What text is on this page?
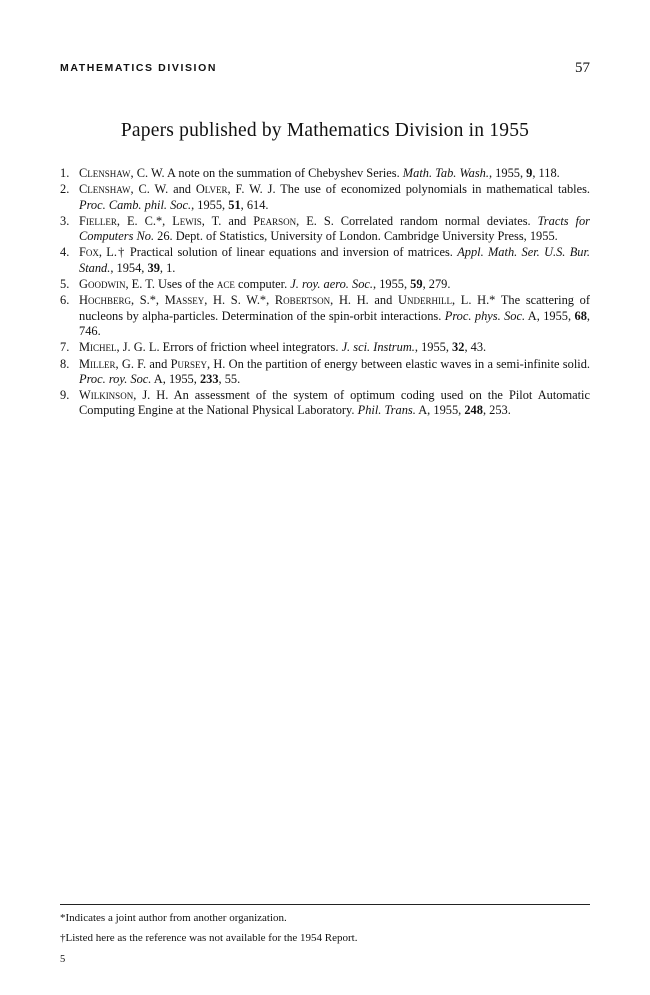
MATHEMATICS DIVISION	57
Papers published by Mathematics Division in 1955
1. Clenshaw, C. W. A note on the summation of Chebyshev Series. Math. Tab. Wash., 1955, 9, 118.
2. Clenshaw, C. W. and Olver, F. W. J. The use of economized polynomials in mathematical tables. Proc. Camb. phil. Soc., 1955, 51, 614.
3. Fieller, E. C.*, Lewis, T. and Pearson, E. S. Correlated random normal deviates. Tracts for Computers No. 26. Dept. of Statistics, University of London. Cambridge University Press, 1955.
4. Fox, L.† Practical solution of linear equations and inversion of matrices. Appl. Math. Ser. U.S. Bur. Stand., 1954, 39, 1.
5. Goodwin, E. T. Uses of the ace computer. J. roy. aero. Soc., 1955, 59, 279.
6. Hochberg, S.*, Massey, H. S. W.*, Robertson, H. H. and Underhill, L. H.* The scattering of nucleons by alpha-particles. Determination of the spin-orbit interactions. Proc. phys. Soc. A, 1955, 68, 746.
7. Michel, J. G. L. Errors of friction wheel integrators. J. sci. Instrum., 1955, 32, 43.
8. Miller, G. F. and Pursey, H. On the partition of energy between elastic waves in a semi-infinite solid. Proc. roy. Soc. A, 1955, 233, 55.
9. Wilkinson, J. H. An assessment of the system of optimum coding used on the Pilot Automatic Computing Engine at the National Physical Laboratory. Phil. Trans. A, 1955, 248, 253.
*Indicates a joint author from another organization.
†Listed here as the reference was not available for the 1954 Report.
5
